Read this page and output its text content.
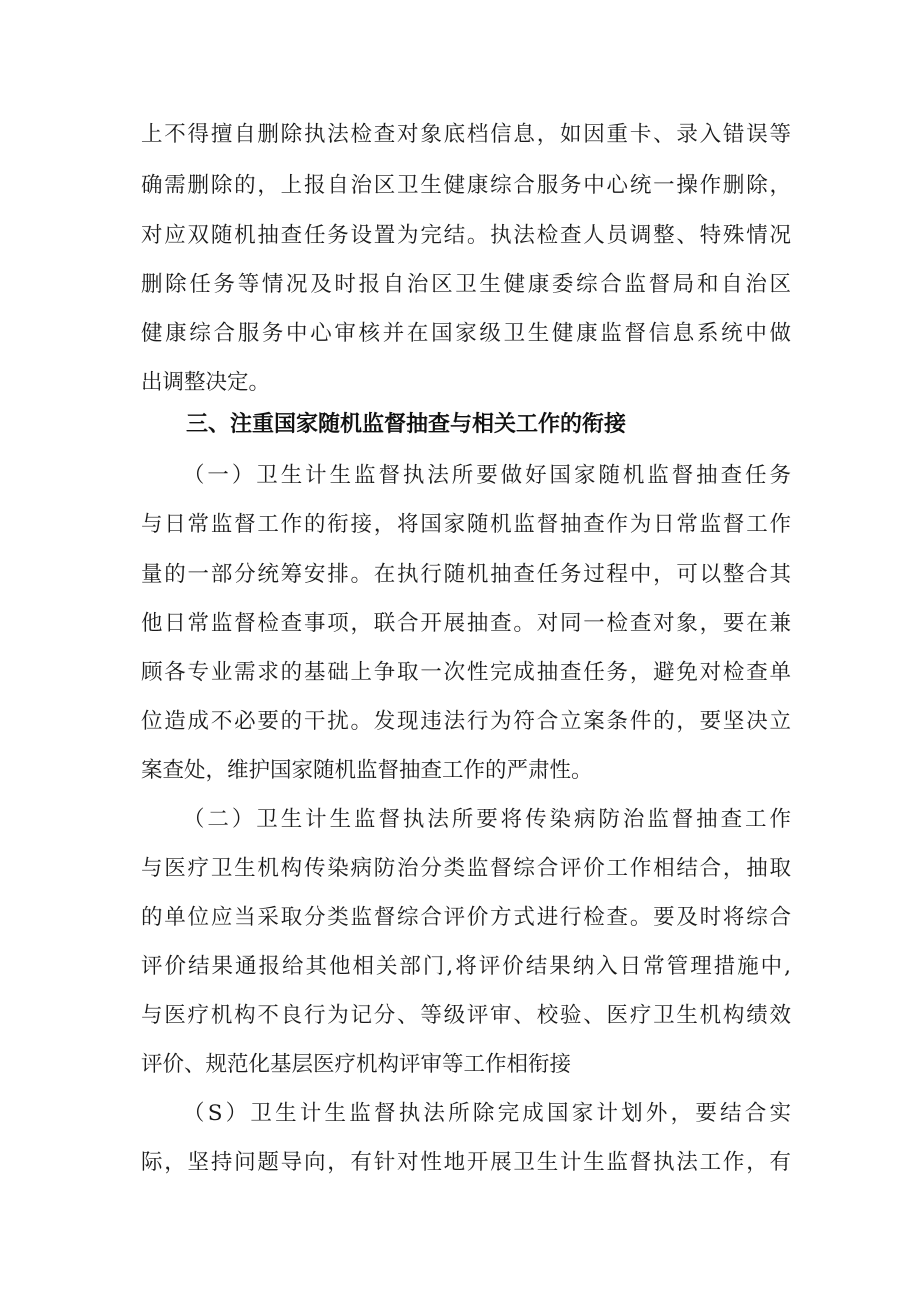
上不得擅自删除执法检查对象底档信息，如因重卡、录入错误等
确需删除的，上报自治区卫生健康综合服务中心统一操作删除，
对应双随机抽查任务设置为完结。执法检查人员调整、特殊情况
删除任务等情况及时报自治区卫生健康委综合监督局和自治区
健康综合服务中心审核并在国家级卫生健康监督信息系统中做
出调整决定。
三、注重国家随机监督抽查与相关工作的衔接
（一）卫生计生监督执法所要做好国家随机监督抽查任务
与日常监督工作的衔接，将国家随机监督抽查作为日常监督工作
量的一部分统筹安排。在执行随机抽查任务过程中，可以整合其
他日常监督检查事项，联合开展抽查。对同一检查对象，要在兼
顾各专业需求的基础上争取一次性完成抽查任务，避免对检查单
位造成不必要的干扰。发现违法行为符合立案条件的，要坚决立
案查处，维护国家随机监督抽查工作的严肃性。
（二）卫生计生监督执法所要将传染病防治监督抽查工作
与医疗卫生机构传染病防治分类监督综合评价工作相结合，抽取
的单位应当采取分类监督综合评价方式进行检查。要及时将综合
评价结果通报给其他相关部门,将评价结果纳入日常管理措施中,
与医疗机构不良行为记分、等级评审、校验、医疗卫生机构绩效
评价、规范化基层医疗机构评审等工作相衔接
（S）卫生计生监督执法所除完成国家计划外，要结合实
际，坚持问题导向，有针对性地开展卫生计生监督执法工作，有
